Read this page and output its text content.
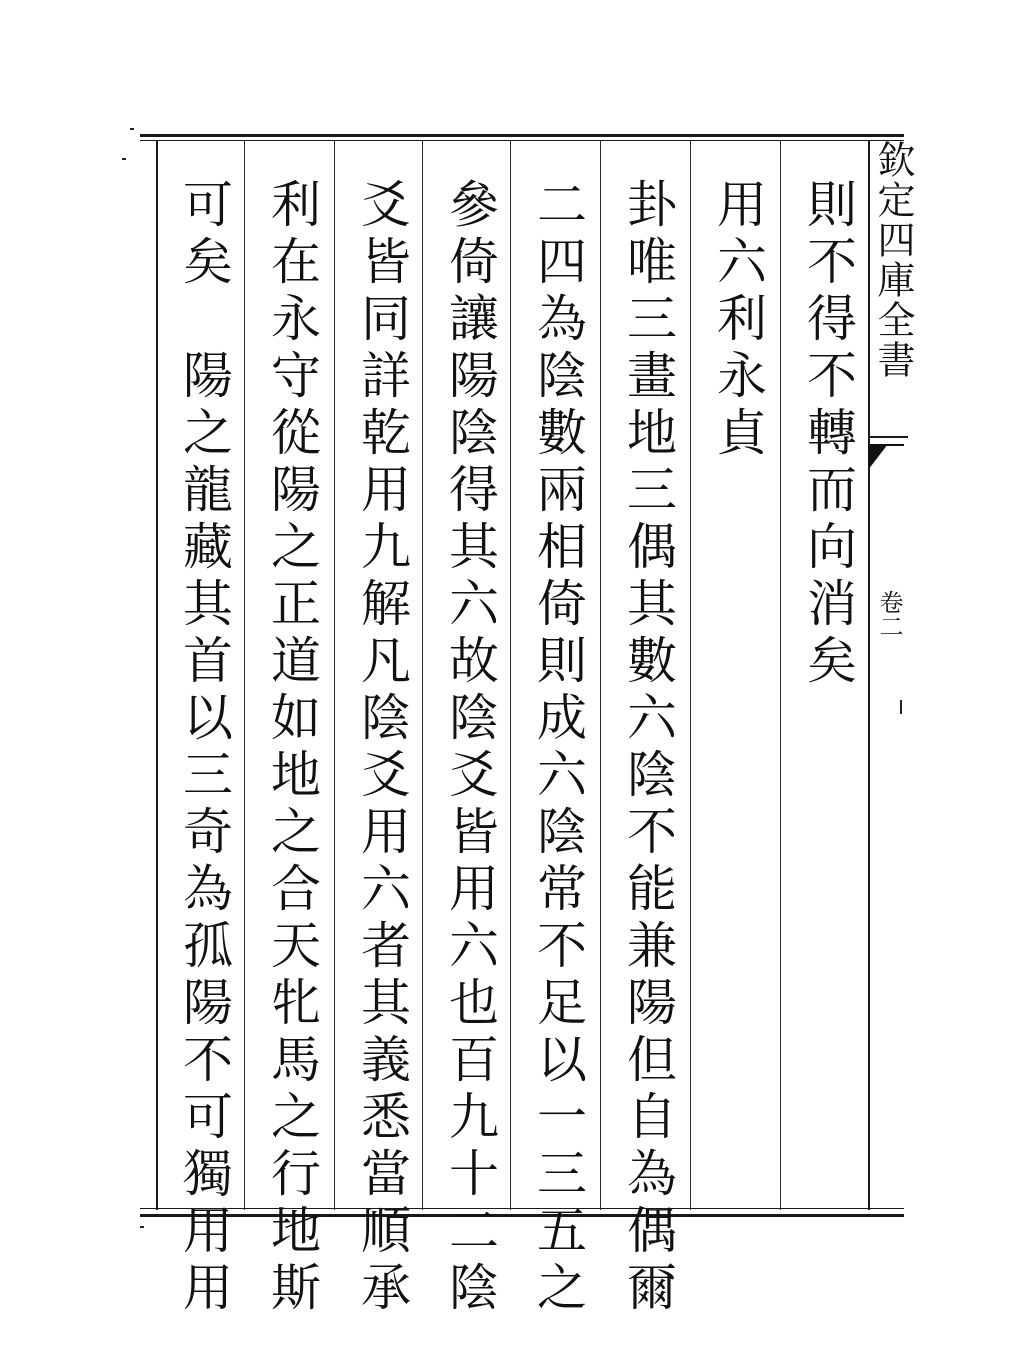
欽定四庫全書
卷二
則不得不轉而向消矣
用六利永貞
卦唯三畫地三偶其數六陰不能兼陽但自為偶爾
二四為陰數兩相倚則成六陰常不足以一三五之
參倚讓陽陰得其六故陰爻皆用六也百九十二陰
爻皆同詳乾用九解凡陰爻用六者其義悉當順承
利在永守從陽之正道如地之合天牝馬之行地斯
可矣　陽之龍藏其首以三奇為孤陽不可獨用用
